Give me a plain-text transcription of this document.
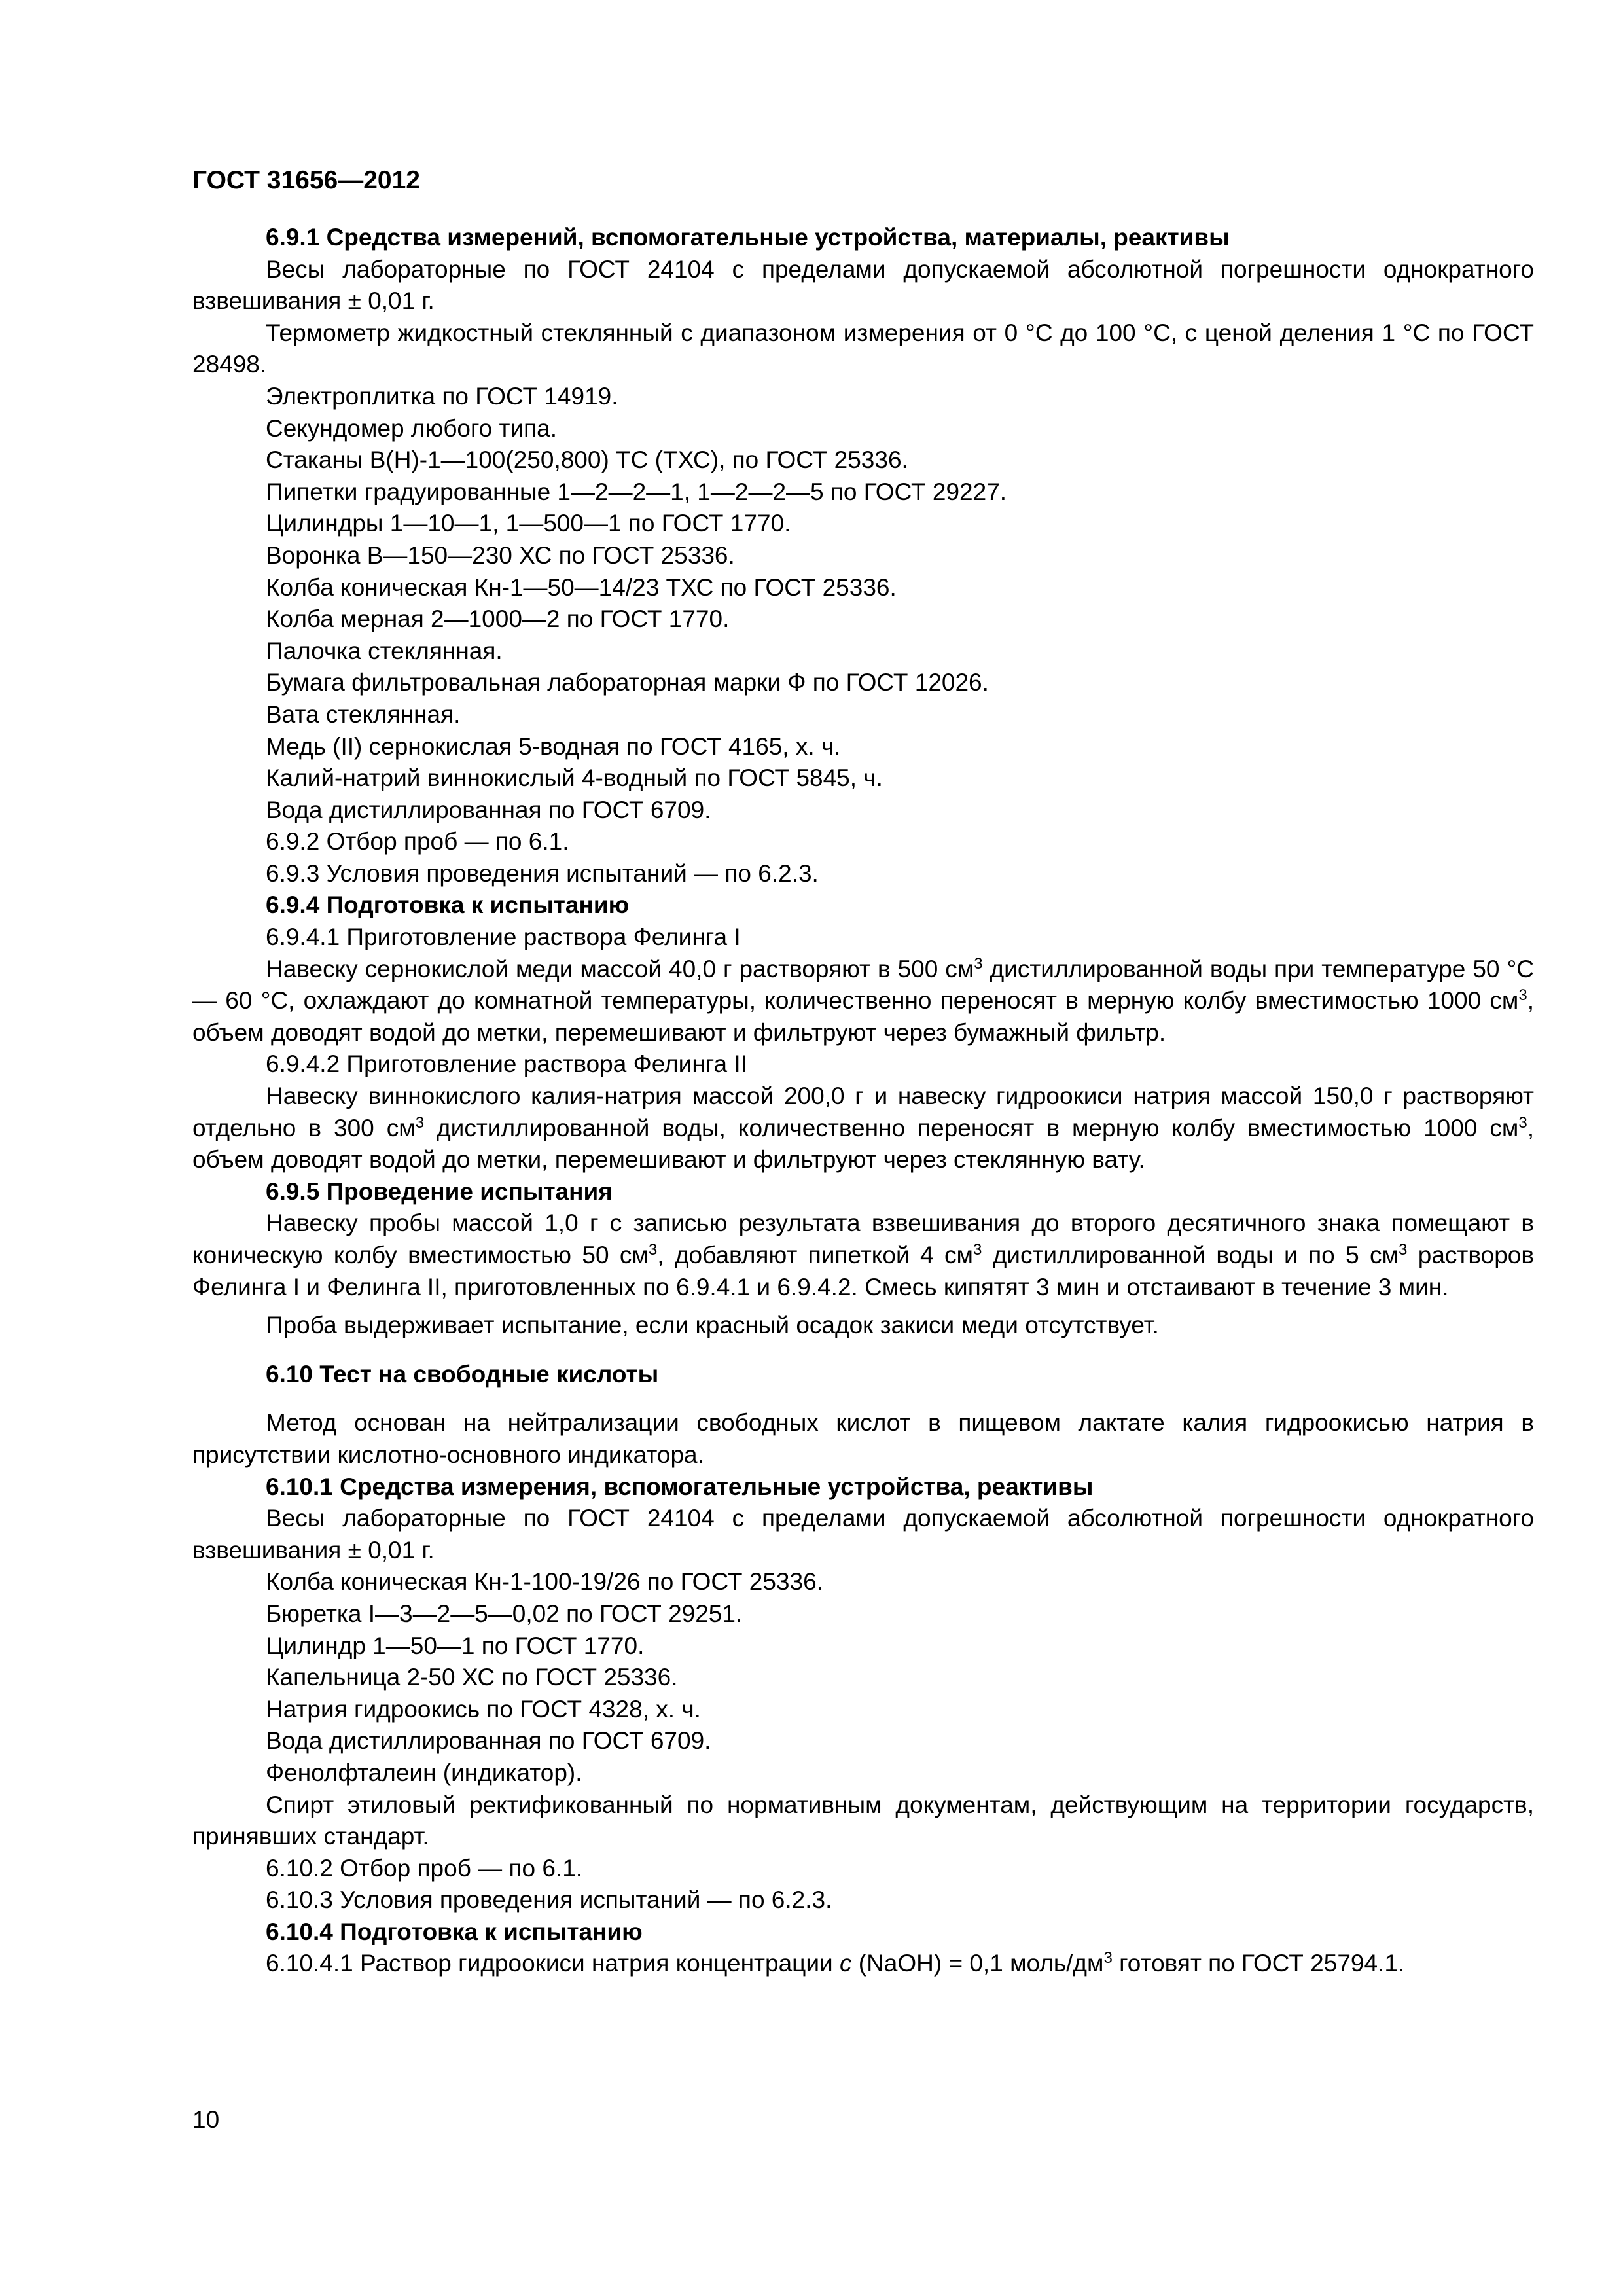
ГОСТ 31656—2012

6.9.1 Средства измерений, вспомогательные устройства, материалы, реактивы

Весы лабораторные по ГОСТ 24104 с пределами допускаемой абсолютной погрешности однократного взвешивания ± 0,01 г.

Термометр жидкостный стеклянный с диапазоном измерения от 0 °С до 100 °С, с ценой деления 1 °С по ГОСТ 28498.

Электроплитка по ГОСТ 14919.

Секундомер любого типа.

Стаканы В(Н)-1—100(250,800) ТС (ТХС), по ГОСТ 25336.

Пипетки градуированные 1—2—2—1, 1—2—2—5 по ГОСТ 29227.

Цилиндры 1—10—1, 1—500—1 по ГОСТ 1770.

Воронка В—150—230 ХС по ГОСТ 25336.

Колба коническая Кн-1—50—14/23 ТХС по ГОСТ 25336.

Колба мерная 2—1000—2 по ГОСТ 1770.

Палочка стеклянная.

Бумага фильтровальная лабораторная марки Ф по ГОСТ 12026.

Вата стеклянная.

Медь (II) сернокислая 5-водная по ГОСТ 4165, х. ч.

Калий-натрий виннокислый 4-водный по ГОСТ 5845, ч.

Вода дистиллированная по ГОСТ 6709.

6.9.2 Отбор проб — по 6.1.

6.9.3 Условия проведения испытаний — по 6.2.3.

6.9.4 Подготовка к испытанию

6.9.4.1 Приготовление раствора Фелинга I

Навеску сернокислой меди массой 40,0 г растворяют в 500 $см^3$ дистиллированной воды при температуре 50 °С — 60 °С, охлаждают до комнатной температуры, количественно переносят в мерную колбу вместимостью 1000 $см^3$, объем доводят водой до метки, перемешивают и фильтруют через бумажный фильтр.

6.9.4.2 Приготовление раствора Фелинга II

Навеску виннокислого калия-натрия массой 200,0 г и навеску гидроокиси натрия массой 150,0 г растворяют отдельно в 300 $см^3$ дистиллированной воды, количественно переносят в мерную колбу вместимостью 1000 $см^3$, объем доводят водой до метки, перемешивают и фильтруют через стеклянную вату.

6.9.5 Проведение испытания

Навеску пробы массой 1,0 г с записью результата взвешивания до второго десятичного знака помещают в коническую колбу вместимостью 50 $см^3$, добавляют пипеткой 4 $см^3$ дистиллированной воды и по 5 $см^3$ растворов Фелинга I и Фелинга II, приготовленных по 6.9.4.1 и 6.9.4.2. Смесь кипятят 3 мин и отстаивают в течение 3 мин.

Проба выдерживает испытание, если красный осадок закиси меди отсутствует.

6.10 Тест на свободные кислоты

Метод основан на нейтрализации свободных кислот в пищевом лактате калия гидроокисью натрия в присутствии кислотно-основного индикатора.

6.10.1 Средства измерения, вспомогательные устройства, реактивы

Весы лабораторные по ГОСТ 24104 с пределами допускаемой абсолютной погрешности однократного взвешивания ± 0,01 г.

Колба коническая Кн-1-100-19/26 по ГОСТ 25336.

Бюретка I—3—2—5—0,02 по ГОСТ 29251.

Цилиндр 1—50—1 по ГОСТ 1770.

Капельница 2-50 ХС по ГОСТ 25336.

Натрия гидроокись по ГОСТ 4328, х. ч.

Вода дистиллированная по ГОСТ 6709.

Фенолфталеин (индикатор).

Спирт этиловый ректификованный по нормативным документам, действующим на территории государств, принявших стандарт.

6.10.2 Отбор проб — по 6.1.

6.10.3 Условия проведения испытаний — по 6.2.3.

6.10.4 Подготовка к испытанию

6.10.4.1 Раствор гидроокиси натрия концентрации c (NaOH) = 0,1 моль/$дм^3$ готовят по ГОСТ 25794.1.

10
